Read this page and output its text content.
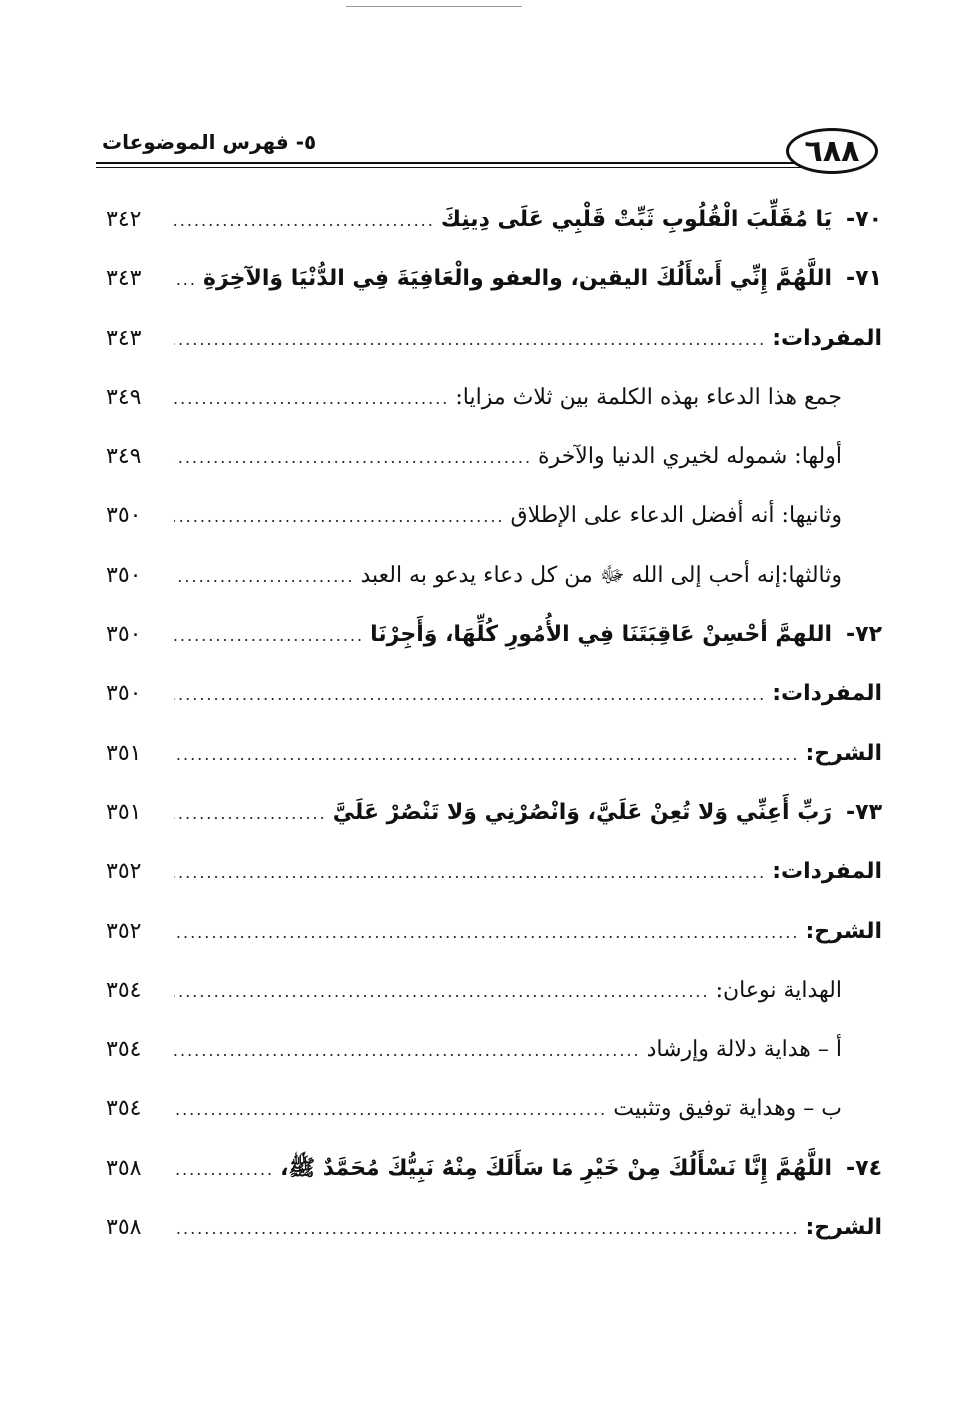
٦٨٨
٥- فهرس الموضوعات
٧٠-يَا مُقَلِّبَ الْقُلُوبِ ثَبِّتْ قَلْبِي عَلَى دِينِكَ
.....
٣٤٢
٧١-اللَّهُمَّ إِنِّي أَسْأَلُكَ اليقين، والعفو والْعَافِيَةَ فِي الدُّنْيَا وَالآخِرَةِ
.....
٣٤٣
المفردات:
.....
٣٤٣
جمع هذا الدعاء بهذه الكلمة بين ثلاث مزايا:
.....
٣٤٩
أولها: شموله لخيري الدنيا والآخرة
.....
٣٤٩
وثانيها: أنه أفضل الدعاء على الإطلاق
.....
٣٥٠
وثالثها:إنه أحب إلى الله ﷻ من كل دعاء يدعو به العبد
.....
٣٥٠
٧٢-اللهمَّ أحْسِنْ عَاقِبَتَنَا فِي الأُمُورِ كُلِّهَا، وَأَجِرْنَا
.....
٣٥٠
المفردات:
.....
٣٥٠
الشرح:
.....
٣٥١
٧٣-رَبِّ أَعِنِّي وَلا تُعِنْ عَلَيَّ، وَانْصُرْنِي وَلا تَنْصُرْ عَلَيَّ
.....
٣٥١
المفردات:
.....
٣٥٢
الشرح:
.....
٣٥٢
الهداية نوعان:
.....
٣٥٤
أ – هداية دلالة وإرشاد
.....
٣٥٤
ب – وهداية توفيق وتثبيت
.....
٣٥٤
٧٤-اللَّهُمَّ إِنَّا نَسْأَلُكَ مِنْ خَيْرِ مَا سَأَلَكَ مِنْهُ نَبِيُّكَ مُحَمَّدٌ ﷺ،
.....
٣٥٨
الشرح:
.....
٣٥٨
